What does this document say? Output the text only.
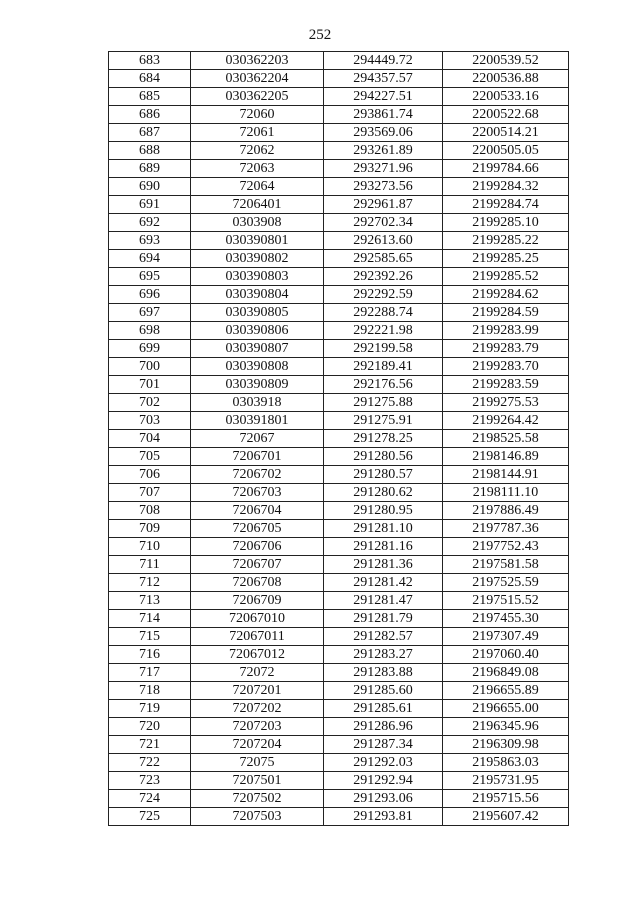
252
683	030362203	294449.72	2200539.52
684	030362204	294357.57	2200536.88
685	030362205	294227.51	2200533.16
686	72060	293861.74	2200522.68
687	72061	293569.06	2200514.21
688	72062	293261.89	2200505.05
689	72063	293271.96	2199784.66
690	72064	293273.56	2199284.32
691	7206401	292961.87	2199284.74
692	0303908	292702.34	2199285.10
693	030390801	292613.60	2199285.22
694	030390802	292585.65	2199285.25
695	030390803	292392.26	2199285.52
696	030390804	292292.59	2199284.62
697	030390805	292288.74	2199284.59
698	030390806	292221.98	2199283.99
699	030390807	292199.58	2199283.79
700	030390808	292189.41	2199283.70
701	030390809	292176.56	2199283.59
702	0303918	291275.88	2199275.53
703	030391801	291275.91	2199264.42
704	72067	291278.25	2198525.58
705	7206701	291280.56	2198146.89
706	7206702	291280.57	2198144.91
707	7206703	291280.62	2198111.10
708	7206704	291280.95	2197886.49
709	7206705	291281.10	2197787.36
710	7206706	291281.16	2197752.43
711	7206707	291281.36	2197581.58
712	7206708	291281.42	2197525.59
713	7206709	291281.47	2197515.52
714	72067010	291281.79	2197455.30
715	72067011	291282.57	2197307.49
716	72067012	291283.27	2197060.40
717	72072	291283.88	2196849.08
718	7207201	291285.60	2196655.89
719	7207202	291285.61	2196655.00
720	7207203	291286.96	2196345.96
721	7207204	291287.34	2196309.98
722	72075	291292.03	2195863.03
723	7207501	291292.94	2195731.95
724	7207502	291293.06	2195715.56
725	7207503	291293.81	2195607.42
